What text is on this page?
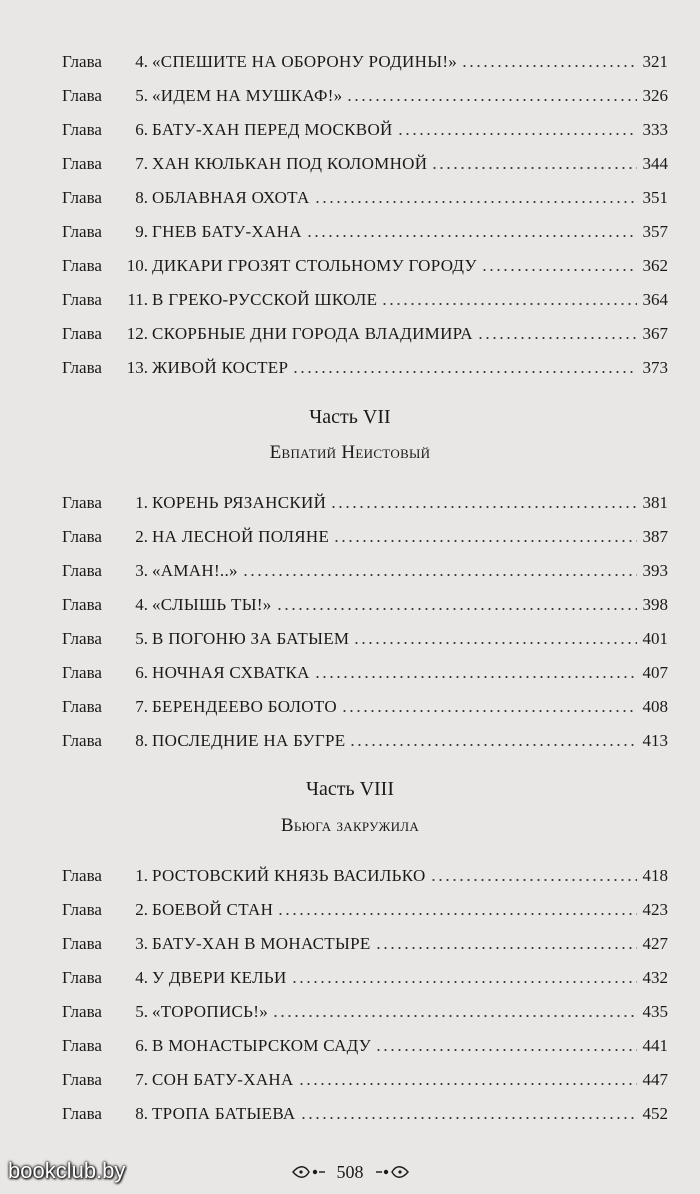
Глава	4. «СПЕШИТЕ НА ОБОРОНУ РОДИНЫ!»	321
Глава	5. «ИДЕМ НА МУШКАФ!»	326
Глава	6. БАТУ-ХАН ПЕРЕД МОСКВОЙ	333
Глава	7. ХАН КЮЛЬКАН ПОД КОЛОМНОЙ	344
Глава	8. ОБЛАВНАЯ ОХОТА	351
Глава	9. ГНЕВ БАТУ-ХАНА	357
Глава	10. ДИКАРИ ГРОЗЯТ СТОЛЬНОМУ ГОРОДУ	362
Глава	11. В ГРЕКО-РУССКОЙ ШКОЛЕ	364
Глава	12. СКОРБНЫЕ ДНИ ГОРОДА ВЛАДИМИРА	367
Глава	13. ЖИВОЙ КОСТЕР	373
Часть VII
Евпатий Неистовый
Глава	1. КОРЕНЬ РЯЗАНСКИЙ	381
Глава	2. НА ЛЕСНОЙ ПОЛЯНЕ	387
Глава	3. «АМАН!..»	393
Глава	4. «СЛЫШЬ ТЫ!»	398
Глава	5. В ПОГОНЮ ЗА БАТЫЕМ	401
Глава	6. НОЧНАЯ СХВАТКА	407
Глава	7. БЕРЕНДЕЕВО БОЛОТО	408
Глава	8. ПОСЛЕДНИЕ НА БУГРЕ	413
Часть VIII
Вьюга закружила
Глава	1. РОСТОВСКИЙ КНЯЗЬ ВАСИЛЬКО	418
Глава	2. БОЕВОЙ СТАН	423
Глава	3. БАТУ-ХАН В МОНАСТЫРЕ	427
Глава	4. У ДВЕРИ КЕЛЬИ	432
Глава	5. «ТОРОПИСЬ!»	435
Глава	6. В МОНАСТЫРСКОМ САДУ	441
Глава	7. СОН БАТУ-ХАНА	447
Глава	8. ТРОПА БАТЫЕВА	452
508
bookclub.by
